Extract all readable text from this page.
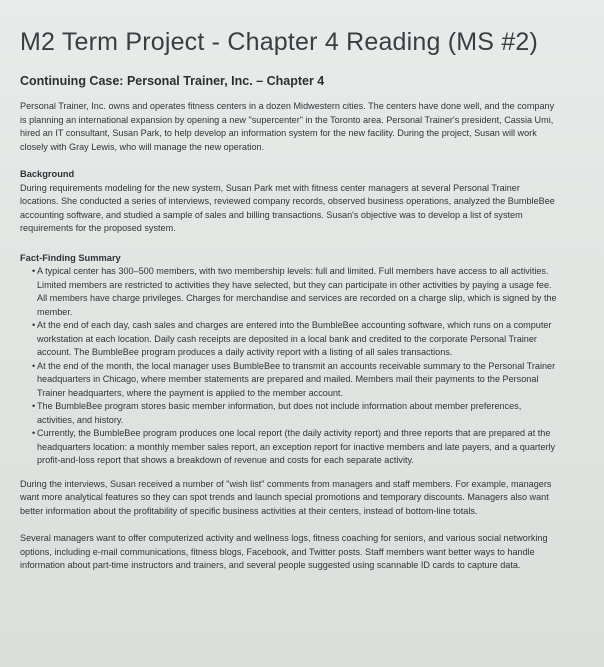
M2 Term Project - Chapter 4 Reading (MS #2)
Continuing Case: Personal Trainer, Inc. – Chapter 4

Personal Trainer, Inc. owns and operates fitness centers in a dozen Midwestern cities. The centers have done well, and the company is planning an international expansion by opening a new "supercenter" in the Toronto area. Personal Trainer's president, Cassia Umi, hired an IT consultant, Susan Park, to help develop an information system for the new facility. During the project, Susan will work closely with Gray Lewis, who will manage the new operation.

Background

During requirements modeling for the new system, Susan Park met with fitness center managers at several Personal Trainer locations. She conducted a series of interviews, reviewed company records, observed business operations, analyzed the BumbleBee accounting software, and studied a sample of sales and billing transactions. Susan's objective was to develop a list of system requirements for the proposed system.

Fact-Finding Summary

• A typical center has 300–500 members, with two membership levels: full and limited. Full members have access to all activities. Limited members are restricted to activities they have selected, but they can participate in other activities by paying a usage fee. All members have charge privileges. Charges for merchandise and services are recorded on a charge slip, which is signed by the member.
• At the end of each day, cash sales and charges are entered into the BumbleBee accounting software, which runs on a computer workstation at each location. Daily cash receipts are deposited in a local bank and credited to the corporate Personal Trainer account. The BumbleBee program produces a daily activity report with a listing of all sales transactions.
• At the end of the month, the local manager uses BumbleBee to transmit an accounts receivable summary to the Personal Trainer headquarters in Chicago, where member statements are prepared and mailed. Members mail their payments to the Personal Trainer headquarters, where the payment is applied to the member account.
• The BumbleBee program stores basic member information, but does not include information about member preferences, activities, and history.
• Currently, the BumbleBee program produces one local report (the daily activity report) and three reports that are prepared at the headquarters location: a monthly member sales report, an exception report for inactive members and late payers, and a quarterly profit-and-loss report that shows a breakdown of revenue and costs for each separate activity.

During the interviews, Susan received a number of "wish list" comments from managers and staff members. For example, managers want more analytical features so they can spot trends and launch special promotions and temporary discounts. Managers also want better information about the profitability of specific business activities at their centers, instead of bottom-line totals.

Several managers want to offer computerized activity and wellness logs, fitness coaching for seniors, and various social networking options, including e-mail communications, fitness blogs, Facebook, and Twitter posts. Staff members want better ways to handle information about part-time instructors and trainers, and several people suggested using scannable ID cards to capture data.
